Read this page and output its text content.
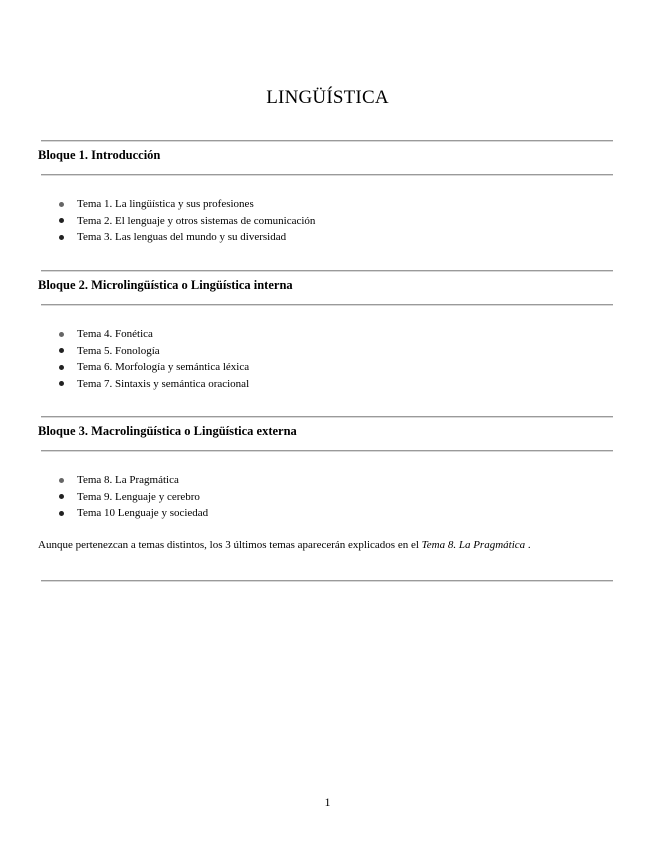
LINGÜÍSTICA
Bloque 1. Introducción
Tema 1. La lingüística y sus profesiones
Tema 2. El lenguaje y otros sistemas de comunicación
Tema 3. Las lenguas del mundo y su diversidad
Bloque 2. Microlingüística o Lingüística interna
Tema 4. Fonética
Tema 5. Fonología
Tema 6. Morfología y semántica léxica
Tema 7. Sintaxis y semántica oracional
Bloque 3. Macrolingüística o Lingüística externa
Tema 8. La Pragmática
Tema 9. Lenguaje y cerebro
Tema 10 Lenguaje y sociedad

Aunque pertenezcan a temas distintos, los 3 últimos temas aparecerán explicados en el Tema 8. La Pragmática .

1
